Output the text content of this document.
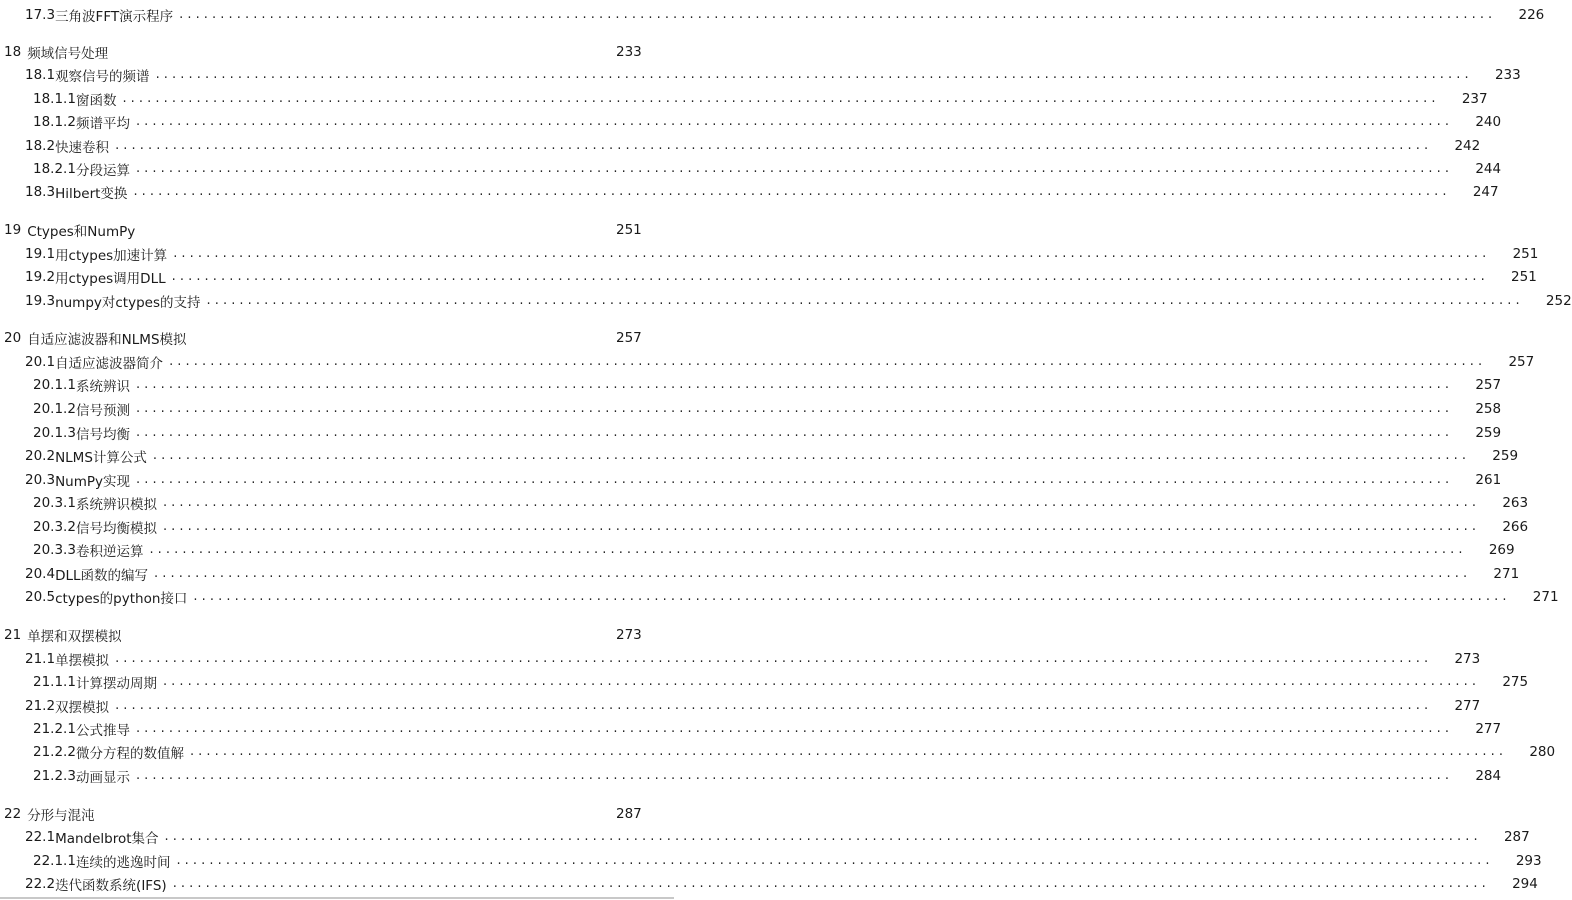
17.3 三角波FFT演示程序 ................................................................................................................................................................	226
18 频域信号处理	233
18.1 观察信号的频谱 ................................................................................................................................................................	233
18.1.1 窗函数 ................................................................................................................................................................	237
18.1.2 频谱平均 ................................................................................................................................................................	240
18.2 快速卷积 ................................................................................................................................................................	242
18.2.1 分段运算 ................................................................................................................................................................	244
18.3 Hilbert变换 ................................................................................................................................................................	247
19 Ctypes和NumPy	251
19.1 用ctypes加速计算 ................................................................................................................................................................	251
19.2 用ctypes调用DLL ................................................................................................................................................................	251
19.3 numpy对ctypes的支持 ................................................................................................................................................................	252
20 自适应滤波器和NLMS模拟	257
20.1 自适应滤波器简介 ................................................................................................................................................................	257
20.1.1 系统辨识 ................................................................................................................................................................	257
20.1.2 信号预测 ................................................................................................................................................................	258
20.1.3 信号均衡 ................................................................................................................................................................	259
20.2 NLMS计算公式 ................................................................................................................................................................	259
20.3 NumPy实现 ................................................................................................................................................................	261
20.3.1 系统辨识模拟 ................................................................................................................................................................	263
20.3.2 信号均衡模拟 ................................................................................................................................................................	266
20.3.3 卷积逆运算 ................................................................................................................................................................	269
20.4 DLL函数的编写 ................................................................................................................................................................	271
20.5 ctypes的python接口 ................................................................................................................................................................	271
21 单摆和双摆模拟	273
21.1 单摆模拟 ................................................................................................................................................................	273
21.1.1 计算摆动周期 ................................................................................................................................................................	275
21.2 双摆模拟 ................................................................................................................................................................	277
21.2.1 公式推导 ................................................................................................................................................................	277
21.2.2 微分方程的数值解 ................................................................................................................................................................	280
21.2.3 动画显示 ................................................................................................................................................................	284
22 分形与混沌	287
22.1 Mandelbrot集合 ................................................................................................................................................................	287
22.1.1 连续的逃逸时间 ................................................................................................................................................................	293
22.2 迭代函数系统(IFS) ................................................................................................................................................................	294
